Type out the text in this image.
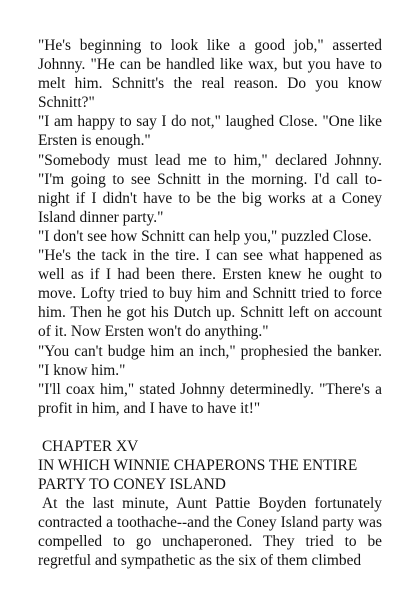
"He's beginning to look like a good job," asserted Johnny. "He can be handled like wax, but you have to melt him. Schnitt's the real reason. Do you know Schnitt?"

"I am happy to say I do not," laughed Close. "One like Ersten is enough."

"Somebody must lead me to him," declared Johnny. "I'm going to see Schnitt in the morning. I'd call to-night if I didn't have to be the big works at a Coney Island dinner party."

"I don't see how Schnitt can help you," puzzled Close.

"He's the tack in the tire. I can see what happened as well as if I had been there. Ersten knew he ought to move. Lofty tried to buy him and Schnitt tried to force him. Then he got his Dutch up. Schnitt left on account of it. Now Ersten won't do anything."

"You can't budge him an inch," prophesied the banker. "I know him."

"I'll coax him," stated Johnny determinedly. "There's a profit in him, and I have to have it!"

CHAPTER XV

IN WHICH WINNIE CHAPERONS THE ENTIRE PARTY TO CONEY ISLAND

At the last minute, Aunt Pattie Boyden fortunately contracted a toothache--and the Coney Island party was compelled to go unchaperoned. They tried to be regretful and sympathetic as the six of them climbed
